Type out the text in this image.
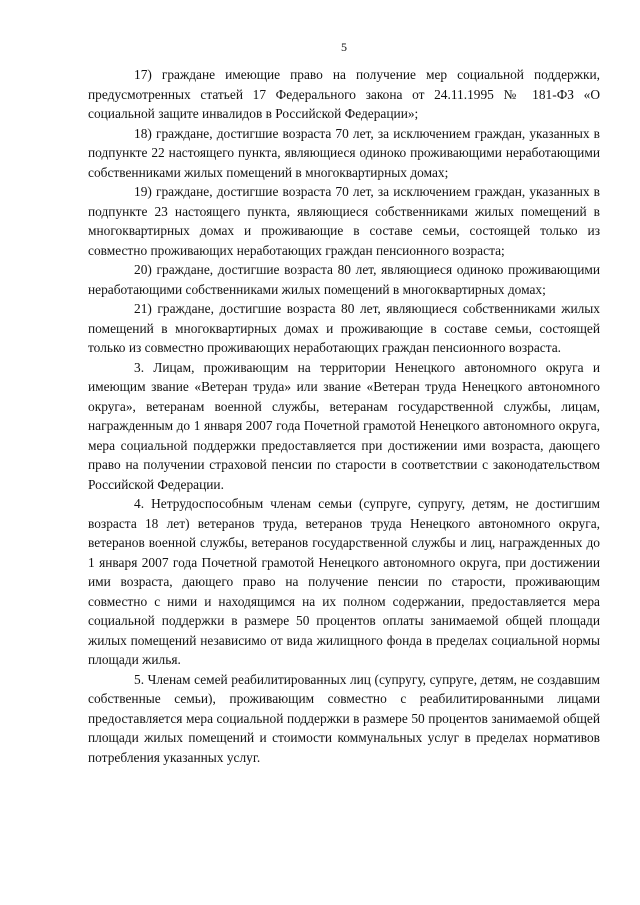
5

17) граждане имеющие право на получение мер социальной поддержки, предусмотренных статьей 17 Федерального закона от 24.11.1995 № 181-ФЗ «О социальной защите инвалидов в Российской Федерации»;

18) граждане, достигшие возраста 70 лет, за исключением граждан, указанных в подпункте 22 настоящего пункта, являющиеся одиноко проживающими неработающими собственниками жилых помещений в многоквартирных домах;

19) граждане, достигшие возраста 70 лет, за исключением граждан, указанных в подпункте 23 настоящего пункта, являющиеся собственниками жилых помещений в многоквартирных домах и проживающие в составе семьи, состоящей только из совместно проживающих неработающих граждан пенсионного возраста;

20) граждане, достигшие возраста 80 лет, являющиеся одиноко проживающими неработающими собственниками жилых помещений в многоквартирных домах;

21) граждане, достигшие возраста 80 лет, являющиеся собственниками жилых помещений в многоквартирных домах и проживающие в составе семьи, состоящей только из совместно проживающих неработающих граждан пенсионного возраста.

3. Лицам, проживающим на территории Ненецкого автономного округа и имеющим звание «Ветеран труда» или звание «Ветеран труда Ненецкого автономного округа», ветеранам военной службы, ветеранам государственной службы, лицам, награжденным до 1 января 2007 года Почетной грамотой Ненецкого автономного округа, мера социальной поддержки предоставляется при достижении ими возраста, дающего право на получении страховой пенсии по старости в соответствии с законодательством Российской Федерации.

4. Нетрудоспособным членам семьи (супруге, супругу, детям, не достигшим возраста 18 лет) ветеранов труда, ветеранов труда Ненецкого автономного округа, ветеранов военной службы, ветеранов государственной службы и лиц, награжденных до 1 января 2007 года Почетной грамотой Ненецкого автономного округа, при достижении ими возраста, дающего право на получение пенсии по старости, проживающим совместно с ними и находящимся на их полном содержании, предоставляется мера социальной поддержки в размере 50 процентов оплаты занимаемой общей площади жилых помещений независимо от вида жилищного фонда в пределах социальной нормы площади жилья.

5. Членам семей реабилитированных лиц (супругу, супруге, детям, не создавшим собственные семьи), проживающим совместно с реабилитированными лицами предоставляется мера социальной поддержки в размере 50 процентов занимаемой общей площади жилых помещений и стоимости коммунальных услуг в пределах нормативов потребления указанных услуг.
